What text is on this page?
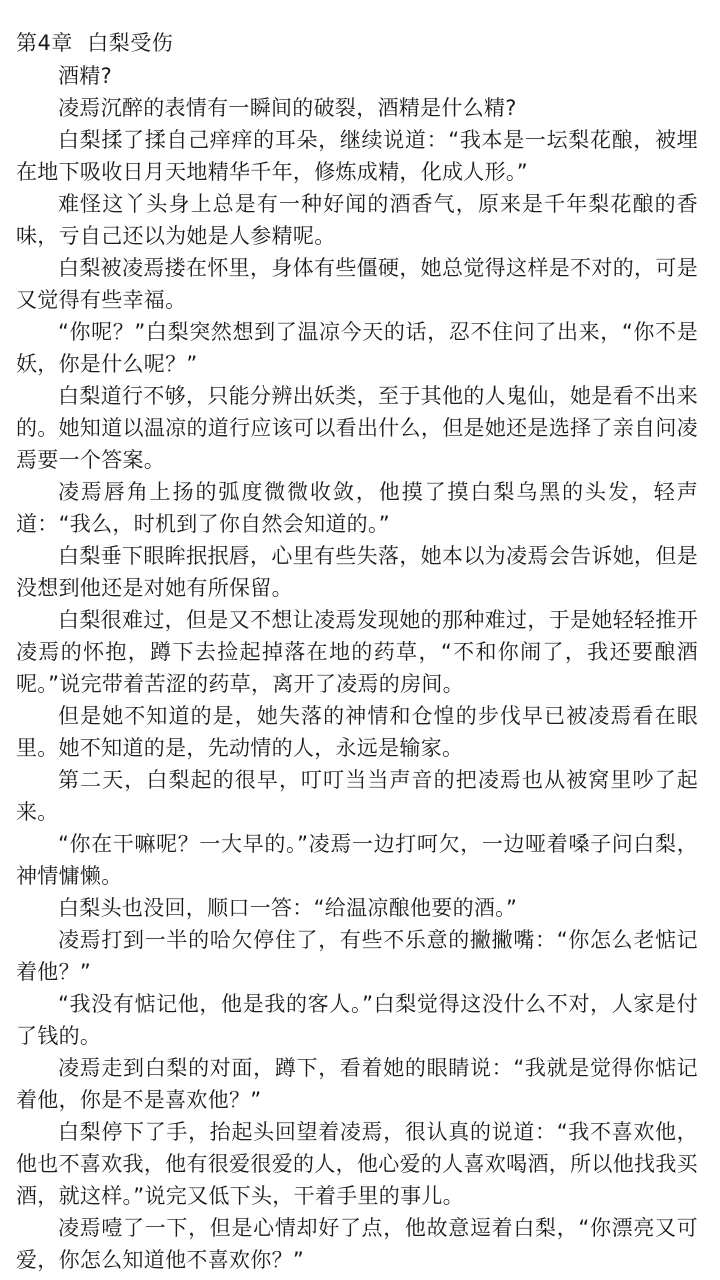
第4章  白梨受伤

酒精?

凌焉沉醉的表情有一瞬间的破裂，酒精是什么精?

白梨揉了揉自己痒痒的耳朵，继续说道：“我本是一坛梨花酿，被埋在地下吸收日月天地精华千年，修炼成精，化成人形。”

难怪这丫头身上总是有一种好闻的酒香气，原来是千年梨花酿的香味，亏自己还以为她是人参精呢。

白梨被凌焉搂在怀里，身体有些僵硬，她总觉得这样是不对的，可是又觉得有些幸福。

“你呢？”白梨突然想到了温凉今天的话，忍不住问了出来，“你不是妖，你是什么呢？”

白梨道行不够，只能分辨出妖类，至于其他的人鬼仙，她是看不出来的。她知道以温凉的道行应该可以看出什么，但是她还是选择了亲自问凌焉要一个答案。

凌焉唇角上扬的弧度微微收敛，他摸了摸白梨乌黑的头发，轻声道：“我么，时机到了你自然会知道的。”

白梨垂下眼眸抿抿唇，心里有些失落，她本以为凌焉会告诉她，但是没想到他还是对她有所保留。

白梨很难过，但是又不想让凌焉发现她的那种难过，于是她轻轻推开凌焉的怀抱，蹲下去捡起掉落在地的药草，“不和你闹了，我还要酿酒呢。”说完带着苦涩的药草，离开了凌焉的房间。

但是她不知道的是，她失落的神情和仓惶的步伐早已被凌焉看在眼里。她不知道的是，先动情的人，永远是输家。

第二天，白梨起的很早，叮叮当当声音的把凌焉也从被窝里吵了起来。

“你在干嘛呢？一大早的。”凌焉一边打呵欠，一边哑着嗓子问白梨，神情慵懒。

白梨头也没回，顺口一答：“给温凉酿他要的酒。”

凌焉打到一半的哈欠停住了，有些不乐意的撇撇嘴：“你怎么老惦记着他？”

“我没有惦记他，他是我的客人。”白梨觉得这没什么不对，人家是付了钱的。

凌焉走到白梨的对面，蹲下，看着她的眼睛说：“我就是觉得你惦记着他，你是不是喜欢他？”

白梨停下了手，抬起头回望着凌焉，很认真的说道：“我不喜欢他，他也不喜欢我，他有很爱很爱的人，他心爱的人喜欢喝酒，所以他找我买酒，就这样。”说完又低下头，干着手里的事儿。

凌焉噎了一下，但是心情却好了点，他故意逗着白梨，“你漂亮又可爱，你怎么知道他不喜欢你？”
